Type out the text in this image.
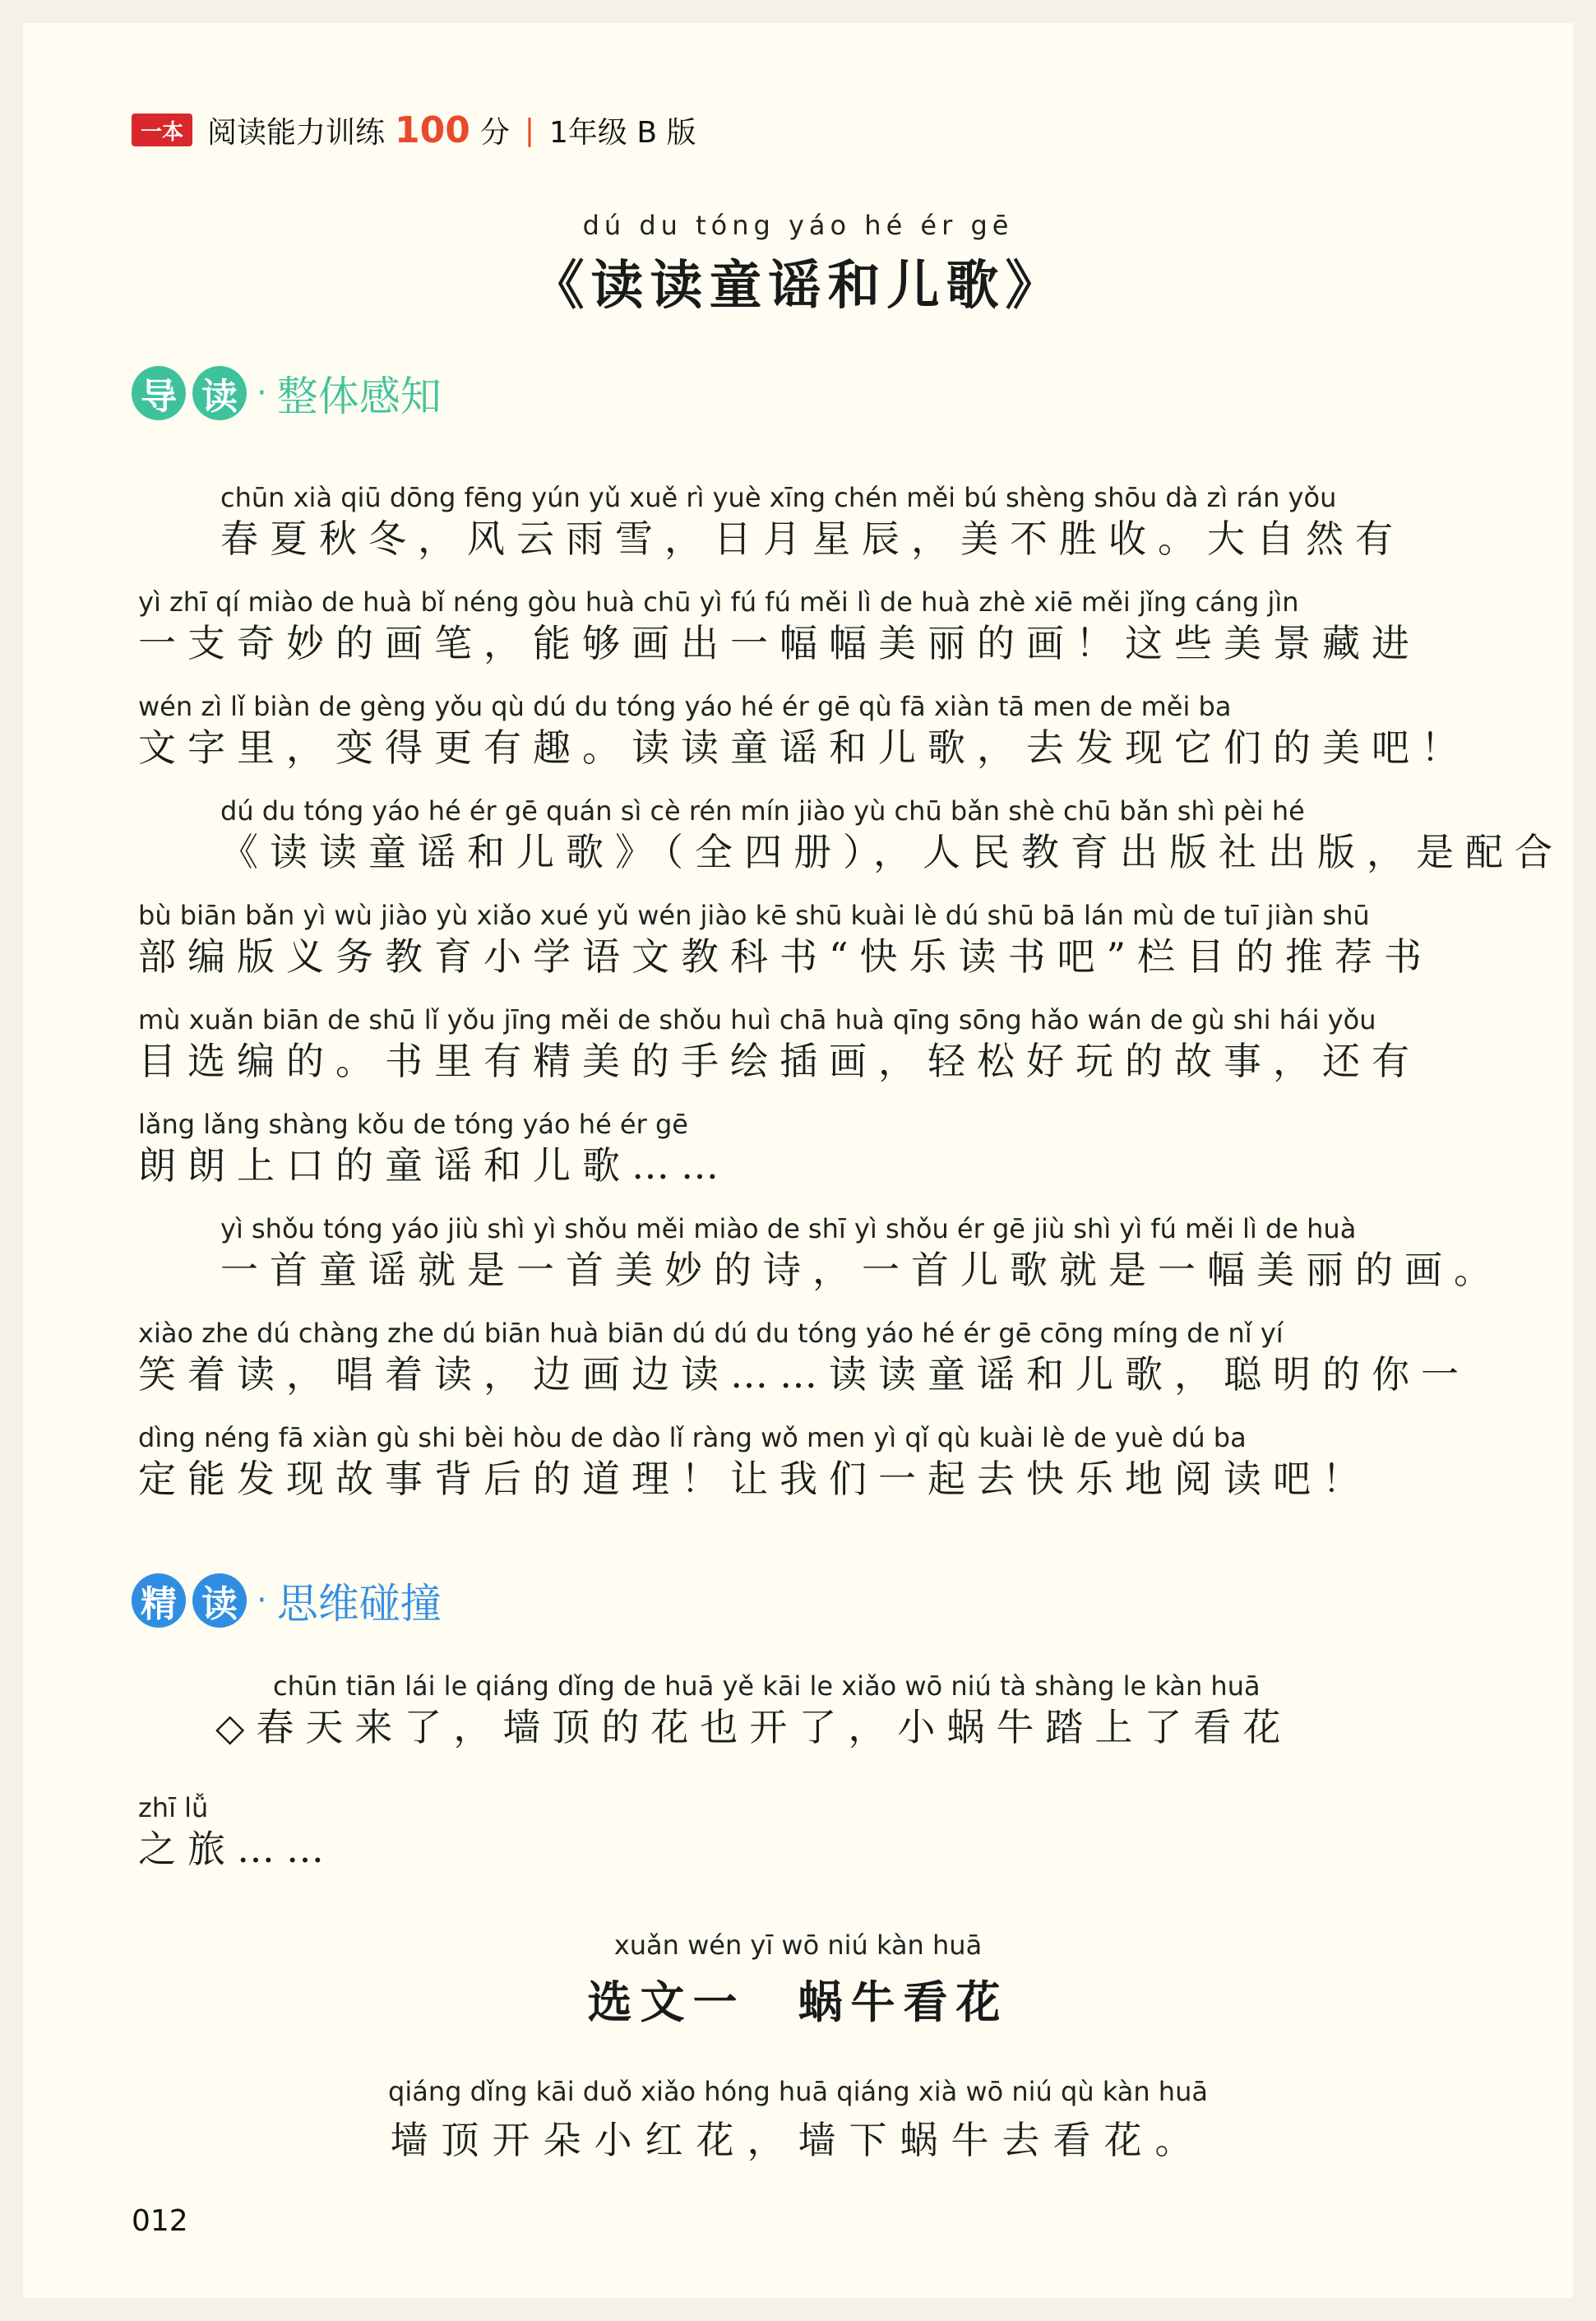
一本 阅读能力训练 100 分 | 1年级 B 版
dú du tóng yáo hé ér gē
《读读童谣和儿歌》
导 读 · 整体感知
chūn xià qiū dōng fēng yún yǔ xuě rì yuè xīng chén měi bú shèng shōu dà zì rán yǒu
春夏秋冬，风云雨雪，日月星辰，美不胜收。大自然有
yì zhī qí miào de huà bǐ néng gòu huà chū yì fú fú měi lì de huà zhè xiē měi jǐng cáng jìn
一支奇妙的画笔，能够画出一幅幅美丽的画！这些美景藏进
wén zì lǐ biàn de gèng yǒu qù dú du tóng yáo hé ér gē qù fā xiàn tā men de měi ba
文字里，变得更有趣。读读童谣和儿歌，去发现它们的美吧！
dú du tóng yáo hé ér gē quán sì cè rén mín jiào yù chū bǎn shè chū bǎn shì pèi hé
《读读童谣和儿歌》（全四册），人民教育出版社出版，是配合
bù biān bǎn yì wù jiào yù xiǎo xué yǔ wén jiào kē shū kuài lè dú shū bā lán mù de tuī jiàn shū
部编版义务教育小学语文教科书“快乐读书吧”栏目的推荐书
mù xuǎn biān de shū lǐ yǒu jīng měi de shǒu huì chā huà qīng sōng hǎo wán de gù shi hái yǒu
目选编的。书里有精美的手绘插画，轻松好玩的故事，还有
lǎng lǎng shàng kǒu de tóng yáo hé ér gē
朗朗上口的童谣和儿歌……
yì shǒu tóng yáo jiù shì yì shǒu měi miào de shī yì shǒu ér gē jiù shì yì fú měi lì de huà
一首童谣就是一首美妙的诗，一首儿歌就是一幅美丽的画。
xiào zhe dú chàng zhe dú biān huà biān dú dú du tóng yáo hé ér gē cōng míng de nǐ yí
笑着读，唱着读，边画边读……读读童谣和儿歌，聪明的你一
dìng néng fā xiàn gù shi bèi hòu de dào lǐ ràng wǒ men yì qǐ qù kuài lè de yuè dú ba
定能发现故事背后的道理！让我们一起去快乐地阅读吧！
精 读 · 思维碰撞
chūn tiān lái le qiáng dǐng de huā yě kāi le xiǎo wō niú tà shàng le kàn huā
◇春天来了，墙顶的花也开了，小蜗牛踏上了看花
zhī lǚ
之旅……
xuǎn wén yī wō niú kàn huā
选文一　蜗牛看花
qiáng dǐng kāi duǒ xiǎo hóng huā qiáng xià wō niú qù kàn huā
墙顶开朵小红花，墙下蜗牛去看花。
012
